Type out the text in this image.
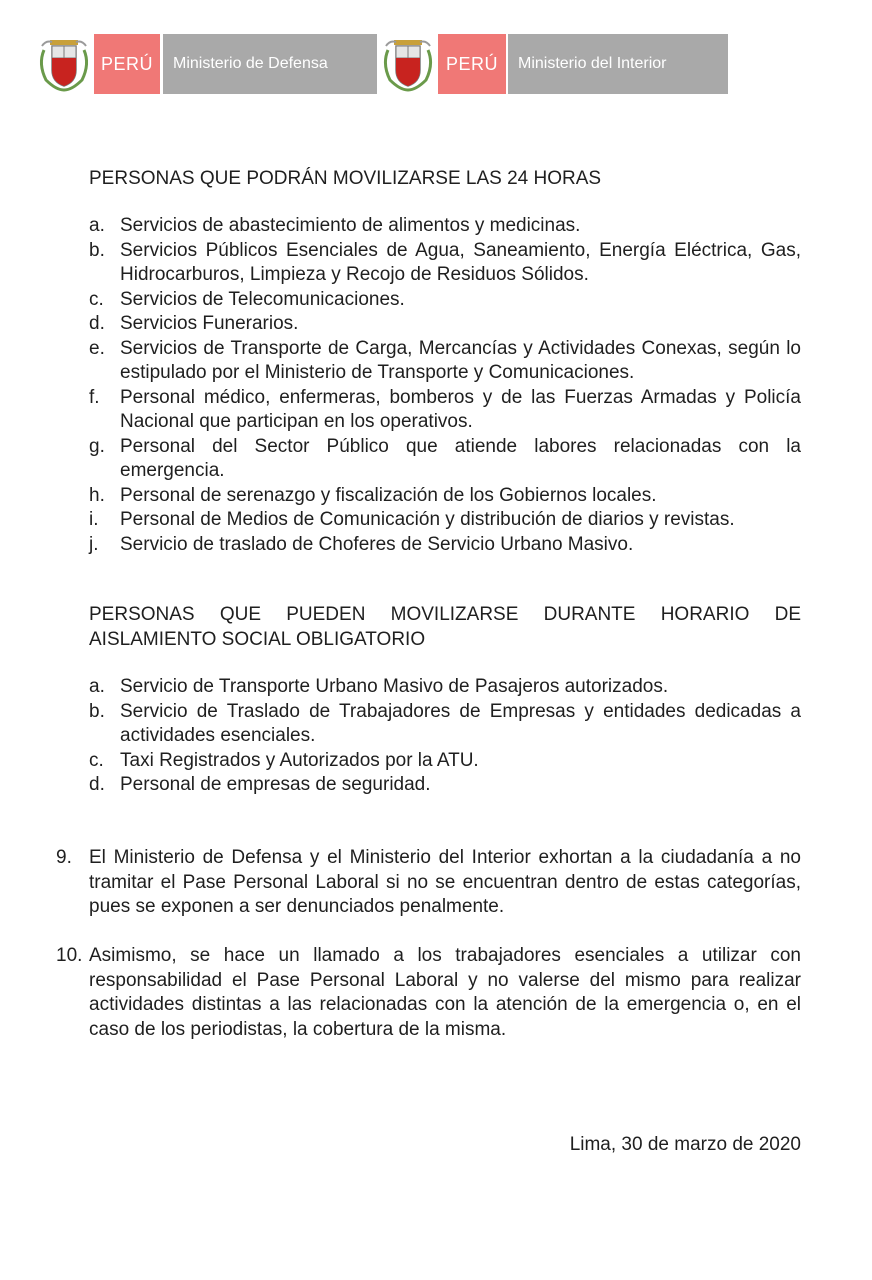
PERÚ	Ministerio de Defensa	PERÚ	Ministerio del Interior
PERSONAS QUE PODRÁN MOVILIZARSE LAS 24 HORAS
a. Servicios de abastecimiento de alimentos y medicinas.
b. Servicios Públicos Esenciales de Agua, Saneamiento, Energía Eléctrica, Gas, Hidrocarburos, Limpieza y Recojo de Residuos Sólidos.
c. Servicios de Telecomunicaciones.
d. Servicios Funerarios.
e. Servicios de Transporte de Carga, Mercancías y Actividades Conexas, según lo estipulado por el Ministerio de Transporte y Comunicaciones.
f. Personal médico, enfermeras, bomberos y de las Fuerzas Armadas y Policía Nacional que participan en los operativos.
g. Personal del Sector Público que atiende labores relacionadas con la emergencia.
h. Personal de serenazgo y fiscalización de los Gobiernos locales.
i. Personal de Medios de Comunicación y distribución de diarios y revistas.
j. Servicio de traslado de Choferes de Servicio Urbano Masivo.
PERSONAS QUE PUEDEN MOVILIZARSE DURANTE HORARIO DE
AISLAMIENTO SOCIAL OBLIGATORIO
a. Servicio de Transporte Urbano Masivo de Pasajeros autorizados.
b. Servicio de Traslado de Trabajadores de Empresas y entidades dedicadas a actividades esenciales.
c. Taxi Registrados y Autorizados por la ATU.
d. Personal de empresas de seguridad.
9. El Ministerio de Defensa y el Ministerio del Interior exhortan a la ciudadanía a no tramitar el Pase Personal Laboral si no se encuentran dentro de estas categorías, pues se exponen a ser denunciados penalmente.
10. Asimismo, se hace un llamado a los trabajadores esenciales a utilizar con responsabilidad el Pase Personal Laboral y no valerse del mismo para realizar actividades distintas a las relacionadas con la atención de la emergencia o, en el caso de los periodistas, la cobertura de la misma.
Lima, 30 de marzo de 2020
